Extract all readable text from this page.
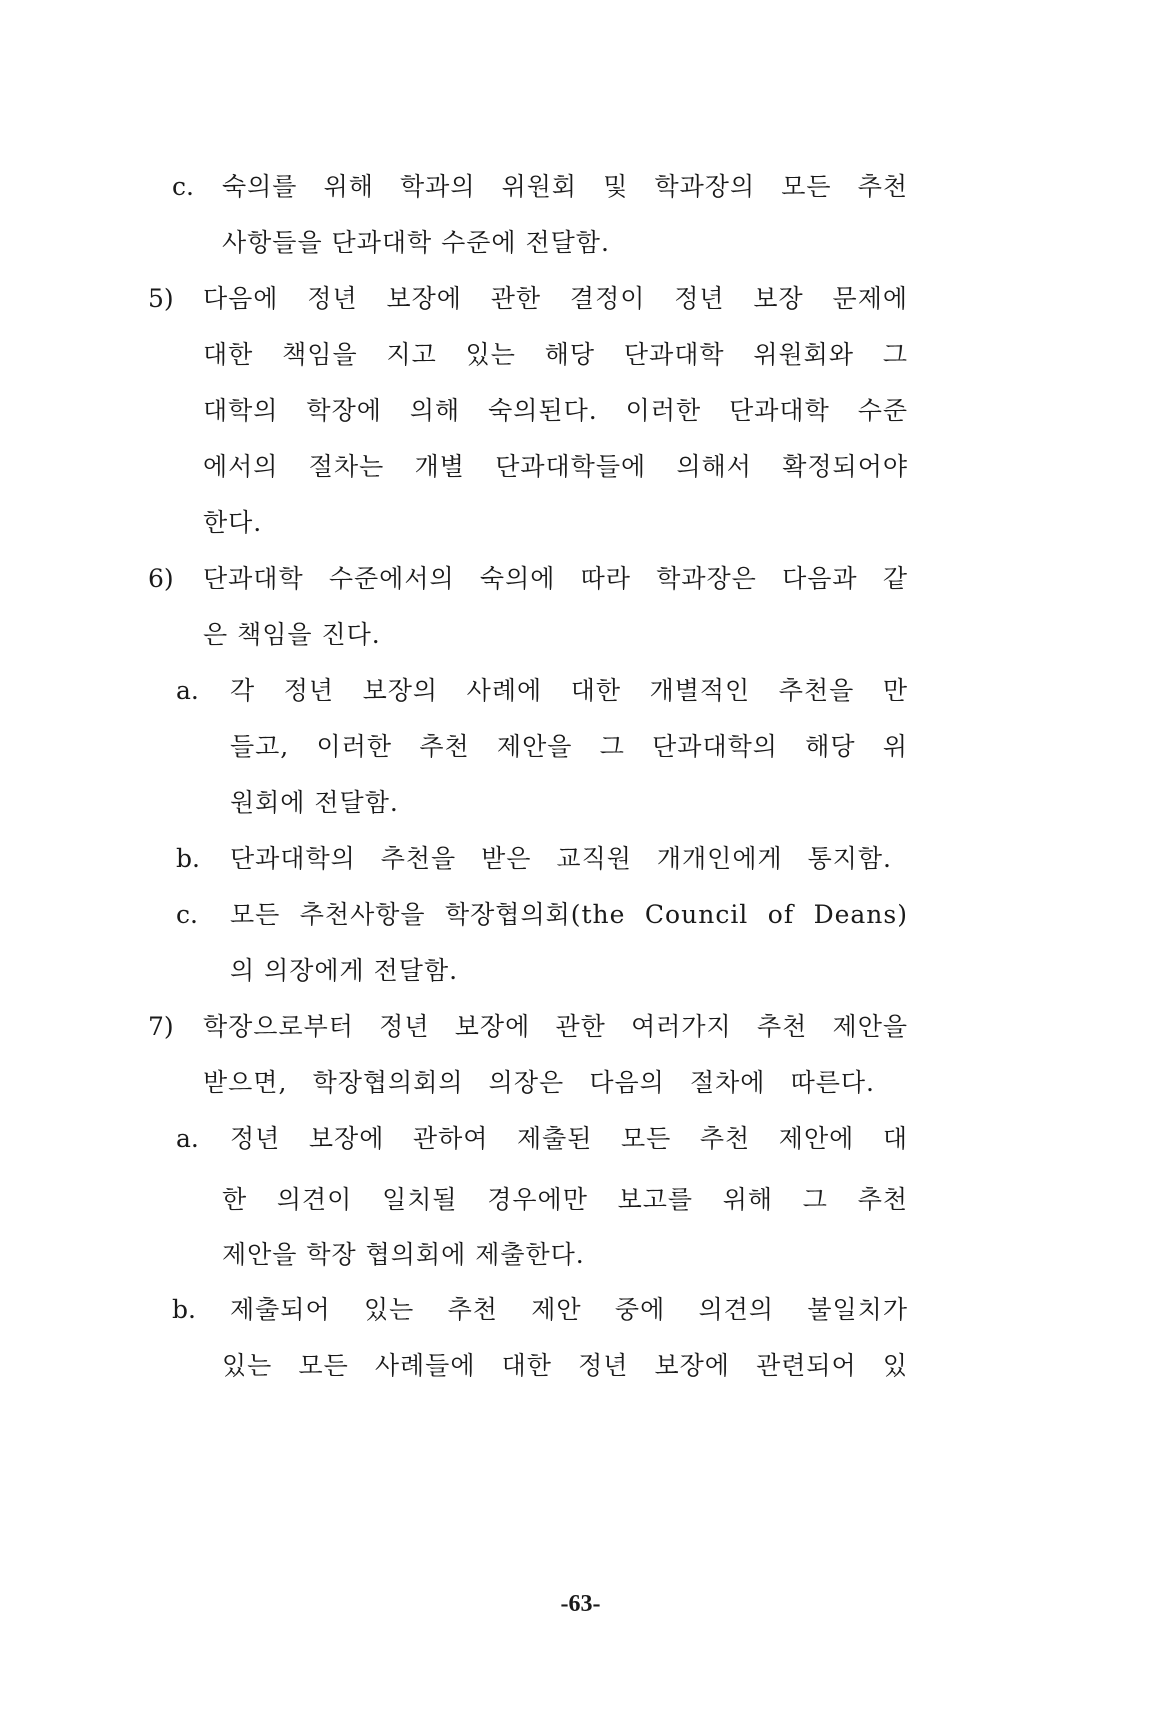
c. 숙의를 위해 학과의 위원회 및 학과장의 모든 추천
사항들을 단과대학 수준에 전달함.
5) 다음에 정년 보장에 관한 결정이 정년 보장 문제에
대한 책임을 지고 있는 해당 단과대학 위원회와 그
대학의 학장에 의해 숙의된다. 이러한 단과대학 수준
에서의 절차는 개별 단과대학들에 의해서 확정되어야
한다.
6) 단과대학 수준에서의 숙의에 따라 학과장은 다음과 같
은 책임을 진다.
a. 각 정년 보장의 사례에 대한 개별적인 추천을 만
들고, 이러한 추천 제안을 그 단과대학의 해당 위
원회에 전달함.
b. 단과대학의 추천을 받은 교직원 개개인에게 통지함.
c. 모든 추천사항을 학장협의회(the Council of Deans)
의 의장에게 전달함.
7) 학장으로부터 정년 보장에 관한 여러가지 추천 제안을
받으면, 학장협의회의 의장은 다음의 절차에 따른다.
a. 정년 보장에 관하여 제출된 모든 추천 제안에 대
한 의견이 일치될 경우에만 보고를 위해 그 추천
제안을 학장 협의회에 제출한다.
b. 제출되어 있는 추천 제안 중에 의견의 불일치가
있는 모든 사례들에 대한 정년 보장에 관련되어 있
-63-
